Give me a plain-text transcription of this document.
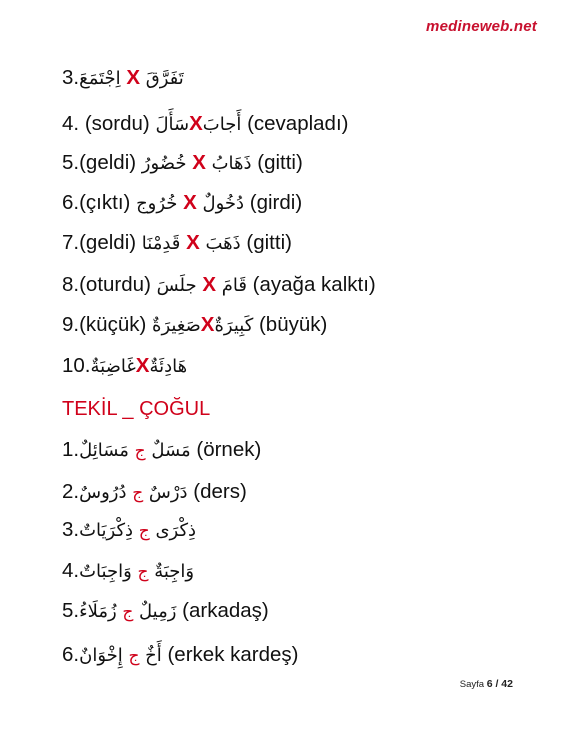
medineweb.net
3.اِجْتَمَعَ X تَفَرَّقَ
4. (sordu) سَأَلَXأَجابَ (cevapladı)
5.(geldi) خُضُورُ X ذَهَابُ (gitti)
6.(çıktı) خُرُوج X دُخُولٌ (girdi)
7.(geldi) قَدِمْنَا X ذَهَبَ (gitti)
8.(oturdu) جلَسَ X قَامَ (ayağa kalktı)
9.(küçük) صَغِيرَةٌXكَبِيرَةٌ (büyük)
10.غَاضِبَةٌXهَادِئَةٌ
TEKİL _ ÇOĞUL
1.مَسَائِلٌ ج مَسَلٌ (örnek)
2.دُرُوسٌ ج دَرْسٌ (ders)
3.ذِكْرَيَاتٌ ج ذِكْرَى
4.وَاجِبَاتٌ ج وَاجِبَةٌ
5.زُمَلَاءُ ج زَمِيلٌ (arkadaş)
6.إِخْوَانٌ ج أَخٌ (erkek kardeş)
Sayfa 6 / 42
